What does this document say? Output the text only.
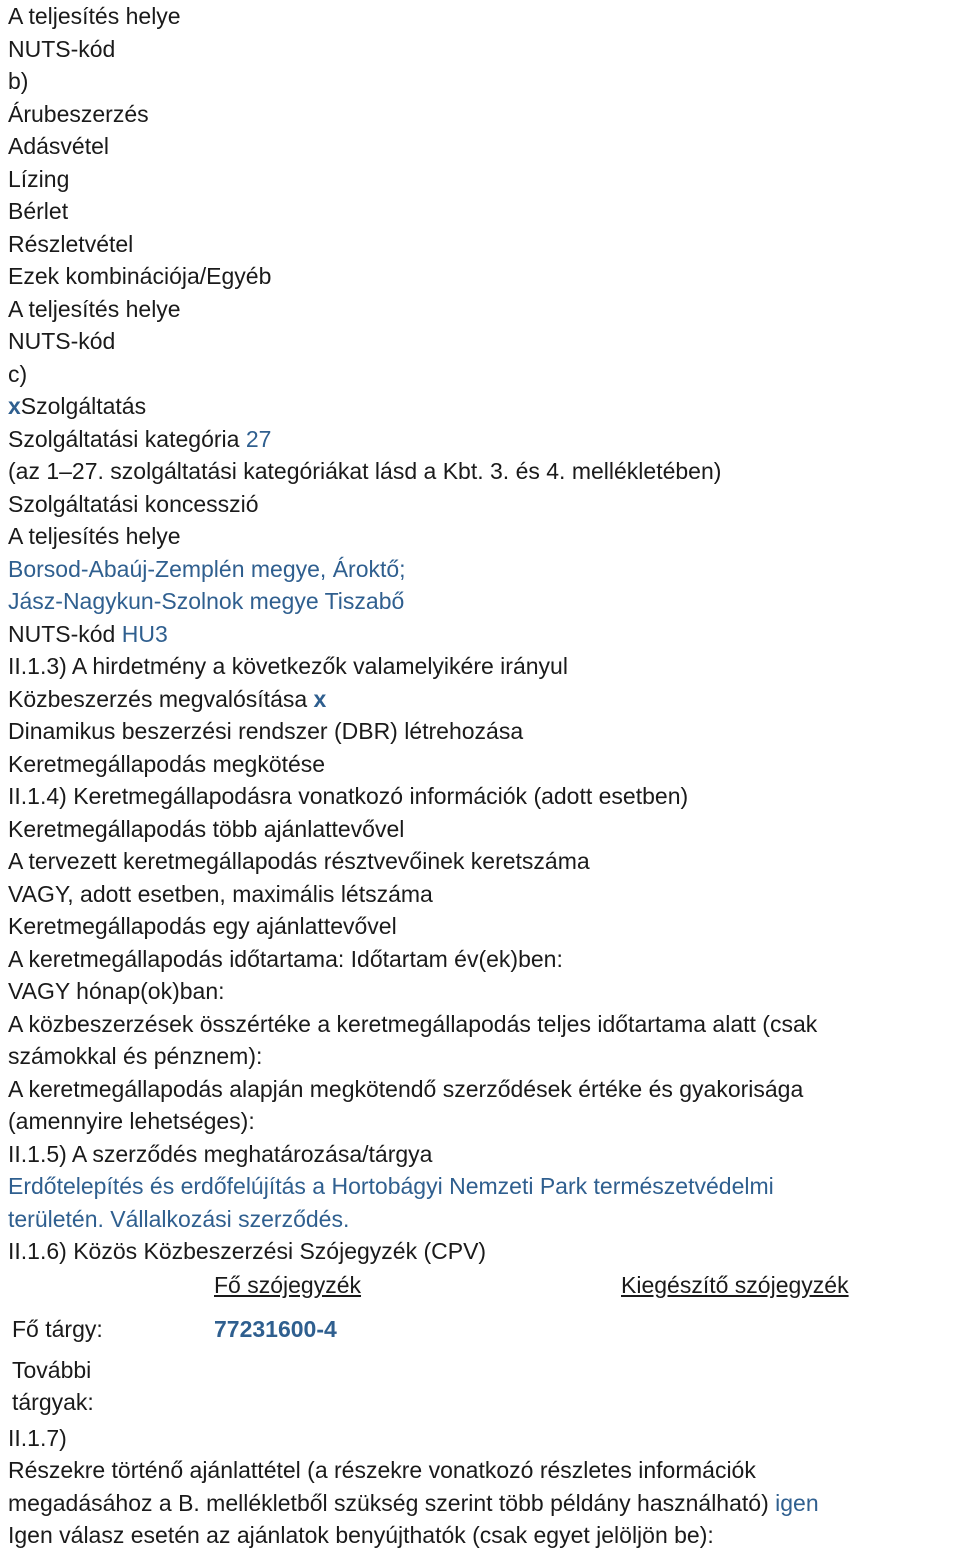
A teljesítés helye
NUTS-kód
b)
Árubeszerzés
Adásvétel
Lízing
Bérlet
Részletvétel
Ezek kombinációja/Egyéb
A teljesítés helye
NUTS-kód
c)
xSzolgáltatás
Szolgáltatási kategória 27
(az 1–27. szolgáltatási kategóriákat lásd a Kbt. 3. és 4. mellékletében)
Szolgáltatási koncesszió
A teljesítés helye
Borsod-Abaúj-Zemplén megye, Ároktő;
Jász-Nagykun-Szolnok megye Tiszabő
NUTS-kód HU3
II.1.3) A hirdetmény a következők valamelyikére irányul
Közbeszerzés megvalósítása x
Dinamikus beszerzési rendszer (DBR) létrehozása
Keretmegállapodás megkötése
II.1.4) Keretmegállapodásra vonatkozó információk (adott esetben)
Keretmegállapodás több ajánlattevővel
A tervezett keretmegállapodás résztvevőinek keretszáma
VAGY, adott esetben, maximális létszáma
Keretmegállapodás egy ajánlattevővel
A keretmegállapodás időtartama: Időtartam év(ek)ben:
VAGY hónap(ok)ban:
A közbeszerzések összértéke a keretmegállapodás teljes időtartama alatt (csak
számokkal és pénznem):
A keretmegállapodás alapján megkötendő szerződések értéke és gyakorisága
(amennyire lehetséges):
II.1.5) A szerződés meghatározása/tárgya
Erdőtelepítés és erdőfelújítás a Hortobágyi Nemzeti Park természetvédelmi
területén. Vállalkozási szerződés.
II.1.6) Közös Közbeszerzési Szójegyzék (CPV)
Fő szójegyzék	Kiegészítő szójegyzék
Fő tárgy:	77231600-4
További tárgyak:
II.1.7)
Részekre történő ajánlattétel (a részekre vonatkozó részletes információk
megadásához a B. mellékletből szükség szerint több példány használható) igen
Igen válasz esetén az ajánlatok benyújthatók (csak egyet jelöljön be):
